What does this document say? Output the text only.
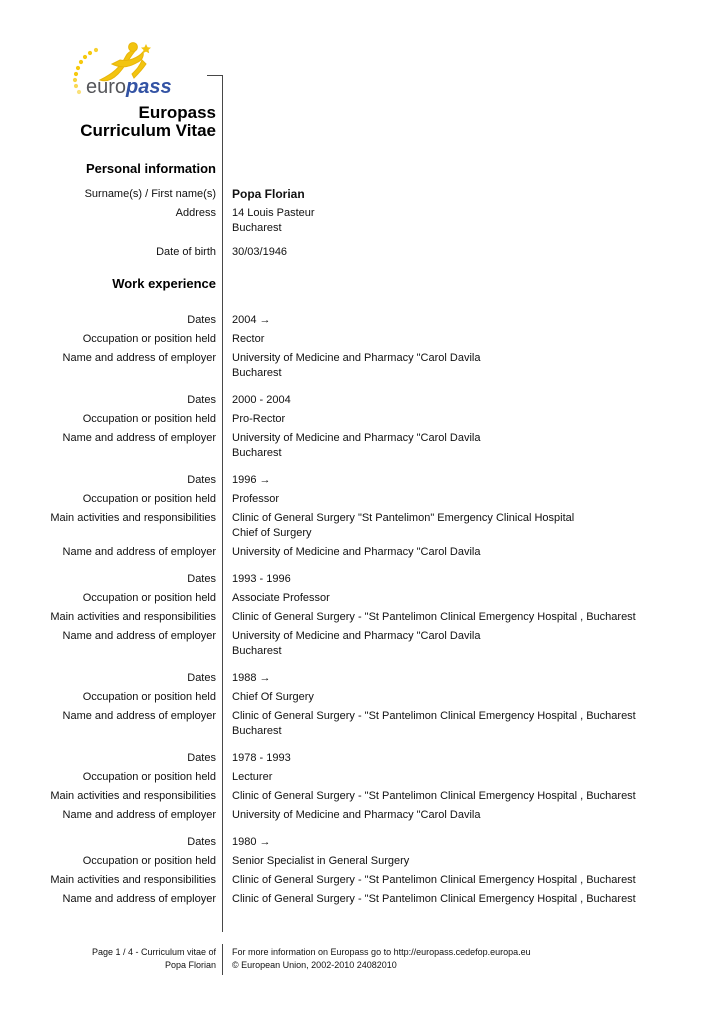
europass
Europass
Curriculum Vitae
Personal information
Surname(s) / First name(s) Popa Florian
Address 14 Louis Pasteur
Bucharest
Date of birth 30/03/1946
Work experience
Dates 2004 →
Occupation or position held Rector
Name and address of employer University of Medicine and Pharmacy "Carol Davila
Bucharest
Dates 2000 - 2004
Occupation or position held Pro-Rector
Name and address of employer University of Medicine and Pharmacy "Carol Davila
Bucharest
Dates 1996 →
Occupation or position held Professor
Main activities and responsibilities Clinic of General Surgery "St Pantelimon" Emergency Clinical Hospital
Chief of Surgery
Name and address of employer University of Medicine and Pharmacy "Carol Davila
Dates 1993 - 1996
Occupation or position held Associate Professor
Main activities and responsibilities Clinic of General Surgery - "St Pantelimon Clinical Emergency Hospital , Bucharest
Name and address of employer University of Medicine and Pharmacy "Carol Davila
Bucharest
Dates 1988 →
Occupation or position held Chief Of Surgery
Name and address of employer Clinic of General Surgery - "St Pantelimon Clinical Emergency Hospital , Bucharest
Bucharest
Dates 1978 - 1993
Occupation or position held Lecturer
Main activities and responsibilities Clinic of General Surgery - "St Pantelimon Clinical Emergency Hospital , Bucharest
Name and address of employer University of Medicine and Pharmacy "Carol Davila
Dates 1980 →
Occupation or position held Senior Specialist in General Surgery
Main activities and responsibilities Clinic of General Surgery - "St Pantelimon Clinical Emergency Hospital , Bucharest
Name and address of employer Clinic of General Surgery - "St Pantelimon Clinical Emergency Hospital , Bucharest
Page 1 / 4 - Curriculum vitae of
Popa Florian
For more information on Europass go to http://europass.cedefop.europa.eu
© European Union, 2002-2010 24082010
